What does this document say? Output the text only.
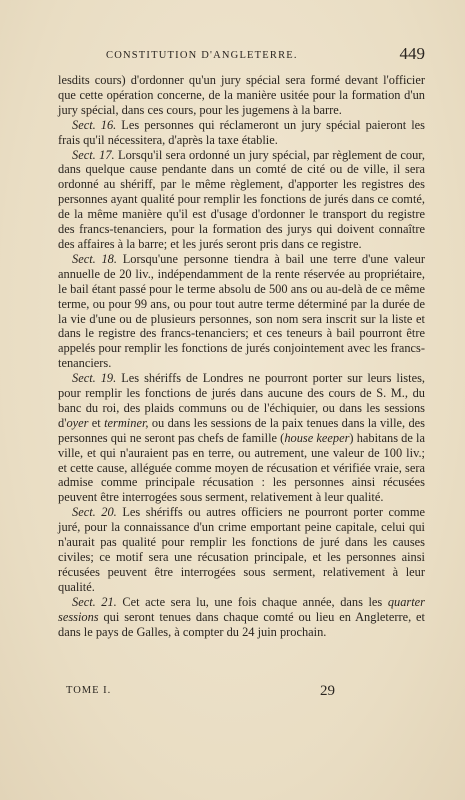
CONSTITUTION D'ANGLETERRE.	449

lesdits cours) d'ordonner qu'un jury spécial sera formé devant l'officier que cette opération concerne, de la manière usitée pour la formation d'un jury spécial, dans ces cours, pour les jugemens à la barre.

Sect. 16. Les personnes qui réclameront un jury spécial paieront les frais qu'il nécessitera, d'après la taxe établie.

Sect. 17. Lorsqu'il sera ordonné un jury spécial, par règlement de cour, dans quelque cause pendante dans un comté de cité ou de ville, il sera ordonné au shériff, par le même règlement, d'apporter les registres des personnes ayant qualité pour remplir les fonctions de jurés dans ce comté, de la même manière qu'il est d'usage d'ordonner le transport du registre des francs-tenanciers, pour la formation des jurys qui doivent connaître des affaires à la barre; et les jurés seront pris dans ce registre.

Sect. 18. Lorsqu'une personne tiendra à bail une terre d'une valeur annuelle de 20 liv., indépendamment de la rente réservée au propriétaire, le bail étant passé pour le terme absolu de 500 ans ou au-delà de ce même terme, ou pour 99 ans, ou pour tout autre terme déterminé par la durée de la vie d'une ou de plusieurs personnes, son nom sera inscrit sur la liste et dans le registre des francs-tenanciers; et ces teneurs à bail pourront être appelés pour remplir les fonctions de jurés conjointement avec les francs-tenanciers.

Sect. 19. Les shériffs de Londres ne pourront porter sur leurs listes, pour remplir les fonctions de jurés dans aucune des cours de S. M., du banc du roi, des plaids communs ou de l'échiquier, ou dans les sessions d'oyer et terminer, ou dans les sessions de la paix tenues dans la ville, des personnes qui ne seront pas chefs de famille (house keeper) habitans de la ville, et qui n'auraient pas en terre, ou autrement, une valeur de 100 liv.; et cette cause, alléguée comme moyen de récusation et vérifiée vraie, sera admise comme principale récusation : les personnes ainsi récusées peuvent être interrogées sous serment, relativement à leur qualité.

Sect. 20. Les shériffs ou autres officiers ne pourront porter comme juré, pour la connaissance d'un crime emportant peine capitale, celui qui n'aurait pas qualité pour remplir les fonctions de juré dans les causes civiles; ce motif sera une récusation principale, et les personnes ainsi récusées peuvent être interrogées sous serment, relativement à leur qualité.

Sect. 21. Cet acte sera lu, une fois chaque année, dans les quarter sessions qui seront tenues dans chaque comté ou lieu en Angleterre, et dans le pays de Galles, à compter du 24 juin prochain.

TOME I.	29
